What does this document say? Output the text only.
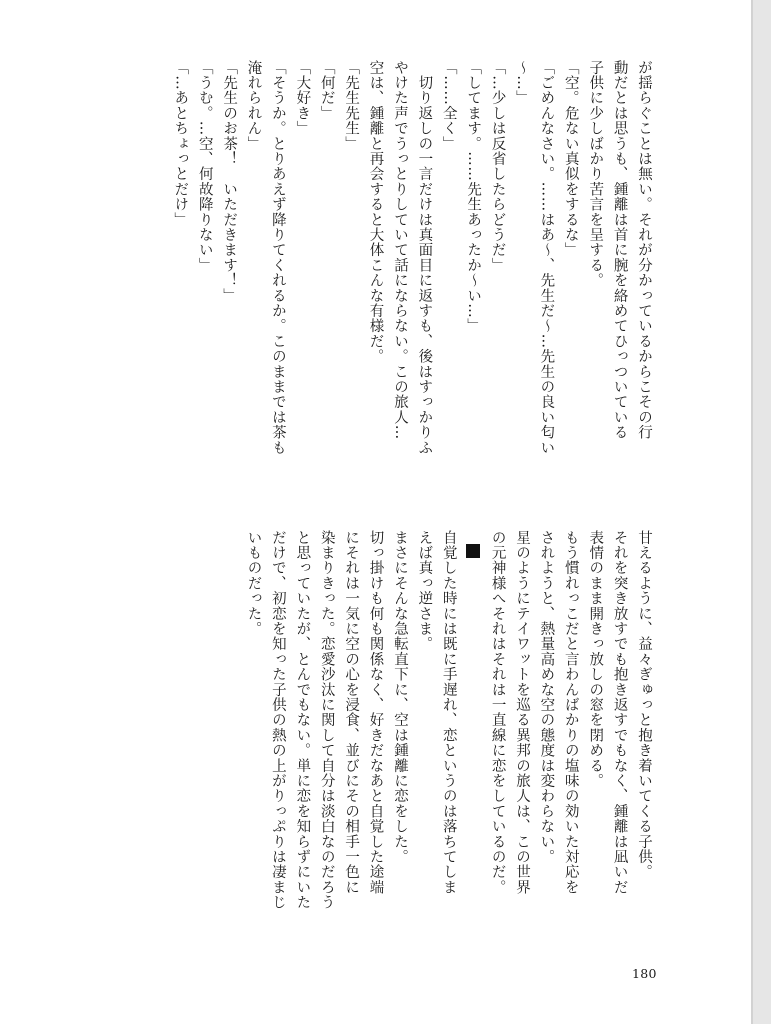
が揺らぐことは無い。それが分かっているからこその行
動だとは思うも、鍾離は首に腕を絡めてひっついている
子供に少しばかり苦言を呈する。
「空。危ない真似をするな」
「ごめんなさい。……はあ〜、先生だ〜…先生の良い匂い
〜…」
「…少しは反省したらどうだ」
「してます。……先生あったか〜い…」
「……全く」
　切り返しの一言だけは真面目に返すも、後はすっかりふ
やけた声でうっとりしていて話にならない。この旅人…
空は、鍾離と再会すると大体こんな有様だ。
「先生先生」
「何だ」
「大好き」
「そうか。とりあえず降りてくれるか。このままでは茶も
淹れられん」
「先生のお茶！　いただきます！」
「うむ。…空、何故降りない」
「…あとちょっとだけ」
甘えるように、益々ぎゅっと抱き着いてくる子供。
それを突き放すでも抱き返すでもなく、鍾離は凪いだ
表情のまま開きっ放しの窓を閉める。
もう慣れっこだと言わんばかりの塩味の効いた対応を
されようと、熱量高めな空の態度は変わらない。
星のようにテイワットを巡る異邦の旅人は、この世界
の元神様へそれはそれは一直線に恋をしているのだ。
自覚した時には既に手遅れ、恋というのは落ちてしま
えば真っ逆さま。
まさにそんな急転直下に、空は鍾離に恋をした。
切っ掛けも何も関係なく、好きだなあと自覚した途端
にそれは一気に空の心を浸食、並びにその相手一色に
染まりきった。恋愛沙汰に関して自分は淡白なのだろう
と思っていたが、とんでもない。単に恋を知らずにいた
だけで、初恋を知った子供の熱の上がりっぷりは凄まじ
いものだった。
180
